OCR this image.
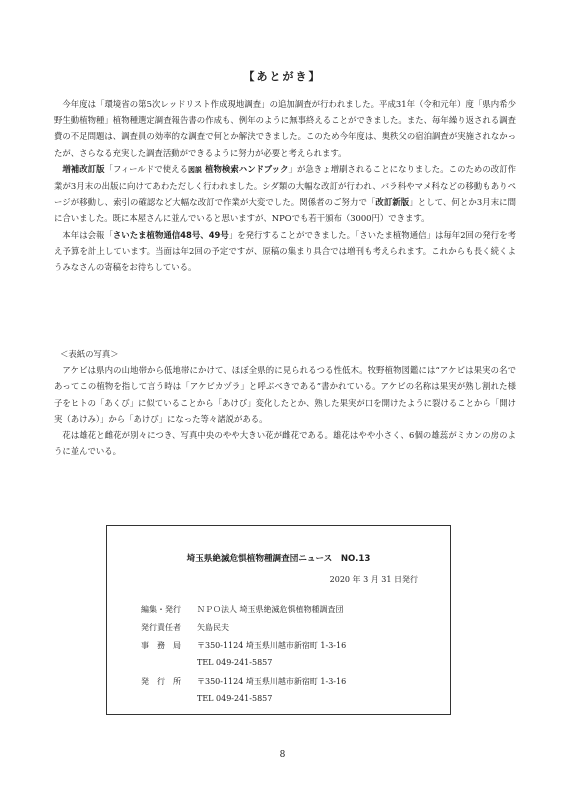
【あとがき】

今年度は「環境省の第5次レッドリスト作成現地調査」の追加調査が行われました。平成31年（令和元年）度「県内希少野生動植物種」植物種選定調査報告書の作成も、例年のように無事終えることができました。また、毎年繰り返される調査費の不足問題は、調査員の効率的な調査で何とか解決できました。このため今年度は、奥秩父の宿泊調査が実施されなかったが、さらなる充実した調査活動ができるように努力が必要と考えられます。

増補改訂版「フィールドで使える図説 植物検索ハンドブック」が急きょ増刷されることになりました。このための改訂作業が3月末の出版に向けてあわただしく行われました。シダ類の大幅な改訂が行われ、バラ科やマメ科などの移動もありページが移動し、索引の確認など大幅な改訂で作業が大変でした。関係者のご努力で「改訂新版」として、何とか3月末に間に合いました。既に本屋さんに並んでいると思いますが、NPOでも若干頒布（3000円）できます。

本年は会報「さいたま植物通信48号、49号」を発行することができました。「さいたま植物通信」は毎年2回の発行を考え予算を計上しています。当面は年2回の予定ですが、原稿の集まり具合では増刊も考えられます。これからも長く続くようみなさんの寄稿をお待ちしている。

＜表紙の写真＞

アケビは県内の山地帯から低地帯にかけて、ほぼ全県的に見られるつる性低木。牧野植物図鑑には“アケビは果実の名であってこの植物を指して言う時は「アケビカヅラ」と呼ぶべきである”書かれている。アケビの名称は果実が熟し割れた様子をヒトの「あくび」に似ていることから「あけび」変化したとか、熟した果実が口を開けたように裂けることから「開け実（あけみ）」から「あけび」になった等々諸説がある。

花は雄花と雌花が別々につき、写真中央のやや大きい花が雌花である。雄花はやや小さく、6個の雄蕊がミカンの房のように並んでいる。

埼玉県絶滅危惧植物種調査団ニュース　NO.13
2020 年 3 月 31 日発行
編集・発行 ＮＰＯ法人 埼玉県絶滅危惧植物種調査団
発行責任者 矢島民夫
事　務　局 〒350-1124 埼玉県川越市新宿町 1-3-16
TEL 049-241-5857
発　行　所 〒350-1124 埼玉県川越市新宿町 1-3-16
TEL 049-241-5857
8
